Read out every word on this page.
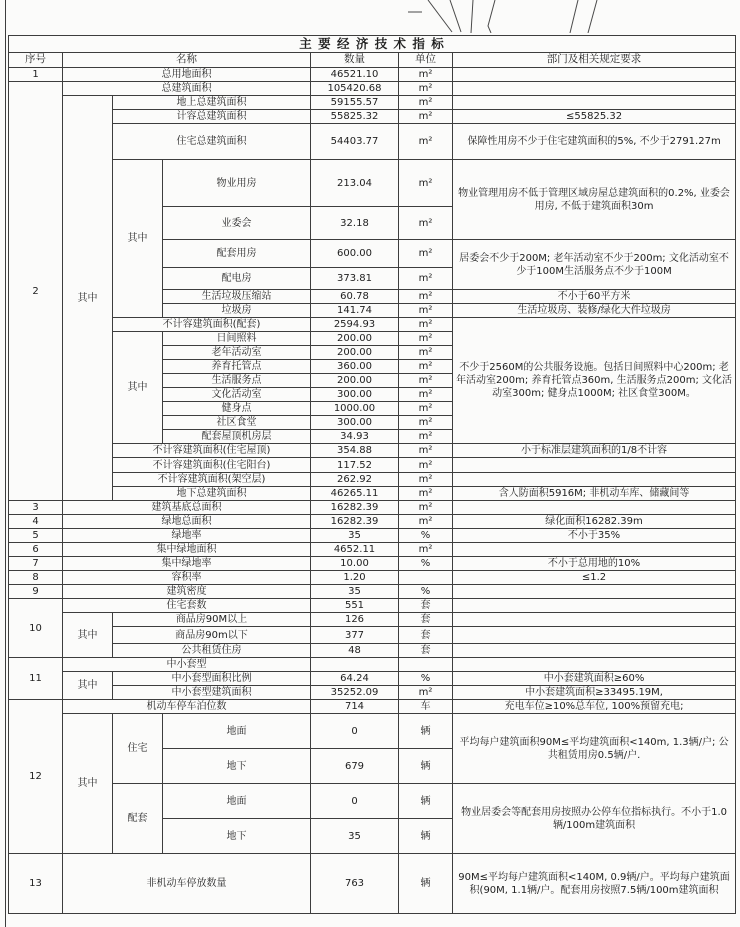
主 要 经 济 技 术 指 标						
序号	名称			数量	单位	部门及相关规定要求
1	总用地面积			46521.10	m²	
2	总建筑面积			105420.68	m²	
	其中	地上总建筑面积		59155.57	m²	
		计容总建筑面积		55825.32	m²	≤55825.32
		住宅总建筑面积		54403.77	m²	保障性用房不少于住宅建筑面积的5%, 不少于2791.27m
		其中	物业用房	213.04	m²	物业管理用房不低于管理区域房屋总建筑面积的0.2%, 业委会用房, 不低于建筑面积30m
			业委会	32.18	m²	
			配套用房	600.00	m²	居委会不少于200M; 老年活动室不少于200m; 文化活动室不少于100M生活服务点不少于100M
			配电房	373.81	m²	
			生活垃圾压缩站	60.78	m²	不小于60平方米
			垃圾房	141.74	m²	生活垃圾房、装修/绿化大件垃圾房
		不计容建筑面积(配套)		2594.93	m²	不少于2560M的公共服务设施。包括日间照料中心200m; 老年活动室200m; 养育托管点360m, 生活服务点200m; 文化活动室300m; 健身点1000M; 社区食堂300M。
		其中	日间照料	200.00	m²	
			老年活动室	200.00	m²	
			养育托管点	360.00	m²	
			生活服务点	200.00	m²	
			文化活动室	300.00	m²	
			健身点	1000.00	m²	
			社区食堂	300.00	m²	
			配套屋顶机房层	34.93	m²	
		不计容建筑面积(住宅屋顶)		354.88	m²	小于标准层建筑面积的1/8不计容
		不计容建筑面积(住宅阳台)		117.52	m²	
		不计容建筑面积(架空层)		262.92	m²	
		地下总建筑面积		46265.11	m²	含人防面积5916M; 非机动车库、储藏间等
3	建筑基底总面积			16282.39	m²	
4	绿地总面积			16282.39	m²	绿化面积16282.39m
5	绿地率			35	%	不小于35%
6	集中绿地面积			4652.11	m²	
7	集中绿地率			10.00	%	不小于总用地的10%
8	容积率			1.20		≤1.2
9	建筑密度			35	%	
10	住宅套数			551	套	
	其中	商品房90M以上		126	套	
		商品房90m以下		377	套	
		公共租赁住房		48	套	
11	中小套型					
	其中	中小套型面积比例		64.24	%	中小套建筑面积≥60%
		中小套型建筑面积		35252.09	m²	中小套建筑面积≥33495.19M,
12	机动车停车泊位数			714	车	充电车位≥10%总车位, 100%预留充电;
	其中	住宅	地面	0	辆	平均每户建筑面积90M≤平均建筑面积<140m, 1.3辆/户; 公共租赁用房0.5辆/户.
			地下	679	辆	
		配套	地面	0	辆	物业居委会等配套用房按照办公停车位指标执行。不小于1.0辆/100m建筑面积
			地下	35	辆	
13	非机动车停放数量			763	辆	90M≤平均每户建筑面积<140M, 0.9辆/户。平均每户建筑面积(90M, 1.1辆/户。配套用房按照7.5辆/100m建筑面积
